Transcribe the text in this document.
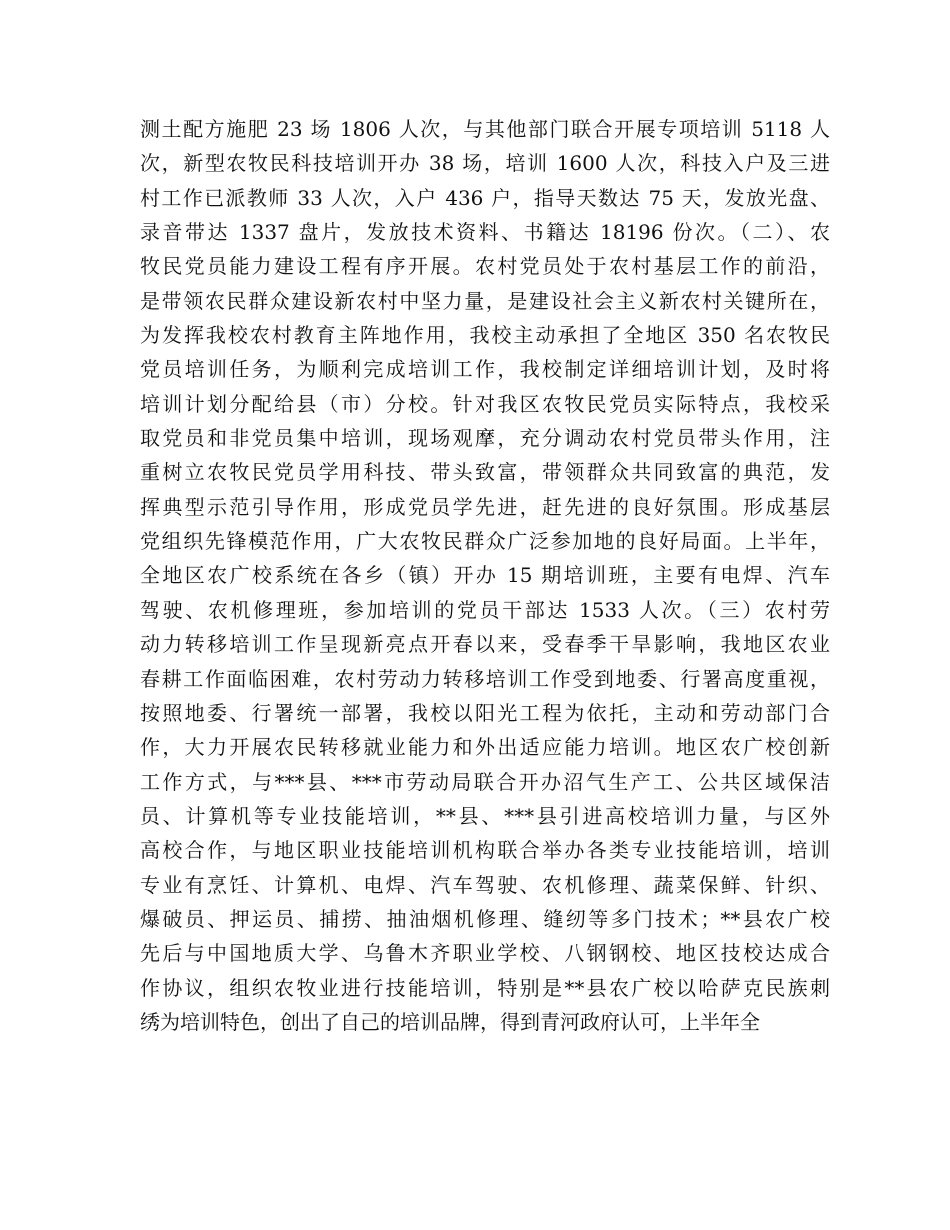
测土配方施肥 23 场 1806 人次，与其他部门联合开展专项培训 5118 人
次，新型农牧民科技培训开办 38 场，培训 1600 人次，科技入户及三进
村工作已派教师 33 人次，入户 436 户，指导天数达 75 天，发放光盘、
录音带达 1337 盘片，发放技术资料、书籍达 18196 份次。（二）、农
牧民党员能力建设工程有序开展。农村党员处于农村基层工作的前沿，
是带领农民群众建设新农村中坚力量，是建设社会主义新农村关键所在，
为发挥我校农村教育主阵地作用，我校主动承担了全地区 350 名农牧民
党员培训任务，为顺利完成培训工作，我校制定详细培训计划，及时将
培训计划分配给县（市）分校。针对我区农牧民党员实际特点，我校采
取党员和非党员集中培训，现场观摩，充分调动农村党员带头作用，注
重树立农牧民党员学用科技、带头致富，带领群众共同致富的典范，发
挥典型示范引导作用，形成党员学先进，赶先进的良好氛围。形成基层
党组织先锋模范作用，广大农牧民群众广泛参加地的良好局面。上半年，
全地区农广校系统在各乡（镇）开办 15 期培训班，主要有电焊、汽车
驾驶、农机修理班，参加培训的党员干部达 1533 人次。（三）农村劳
动力转移培训工作呈现新亮点开春以来，受春季干旱影响，我地区农业
春耕工作面临困难，农村劳动力转移培训工作受到地委、行署高度重视，
按照地委、行署统一部署，我校以阳光工程为依托，主动和劳动部门合
作，大力开展农民转移就业能力和外出适应能力培训。地区农广校创新
工作方式，与***县、***市劳动局联合开办沼气生产工、公共区域保洁
员、计算机等专业技能培训，**县、***县引进高校培训力量，与区外
高校合作，与地区职业技能培训机构联合举办各类专业技能培训，培训
专业有烹饪、计算机、电焊、汽车驾驶、农机修理、蔬菜保鲜、针织、
爆破员、押运员、捕捞、抽油烟机修理、缝纫等多门技术；**县农广校
先后与中国地质大学、乌鲁木齐职业学校、八钢钢校、地区技校达成合
作协议，组织农牧业进行技能培训，特别是**县农广校以哈萨克民族刺
绣为培训特色，创出了自己的培训品牌，得到青河政府认可，上半年全
